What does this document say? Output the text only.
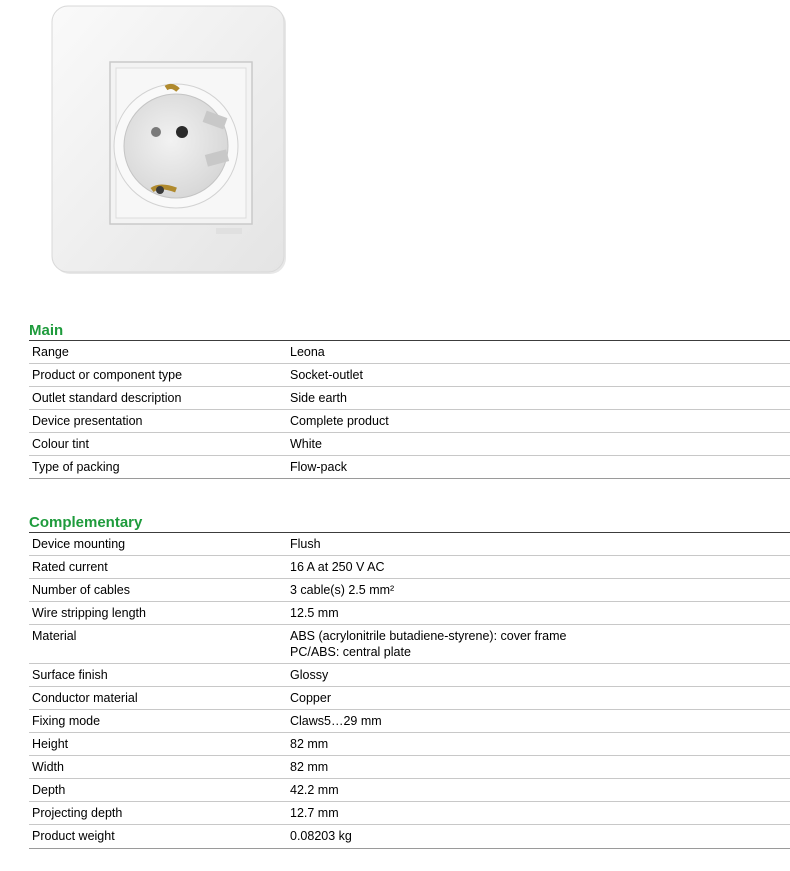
Main
Range	Leona

Product or component type	Socket-outlet

Outlet standard description	Side earth

Device presentation	Complete product

Colour tint	White

Type of packing	Flow-pack
Complementary
Device mounting	Flush

Rated current	16 A at 250 V AC

Number of cables	3 cable(s) 2.5 mm²

Wire stripping length	12.5 mm

Material	ABS (acrylonitrile butadiene-styrene): cover frame
PC/ABS: central plate

Surface finish	Glossy

Conductor material	Copper

Fixing mode	Claws5…29 mm

Height	82 mm

Width	82 mm

Depth	42.2 mm

Projecting depth	12.7 mm

Product weight	0.08203 kg
